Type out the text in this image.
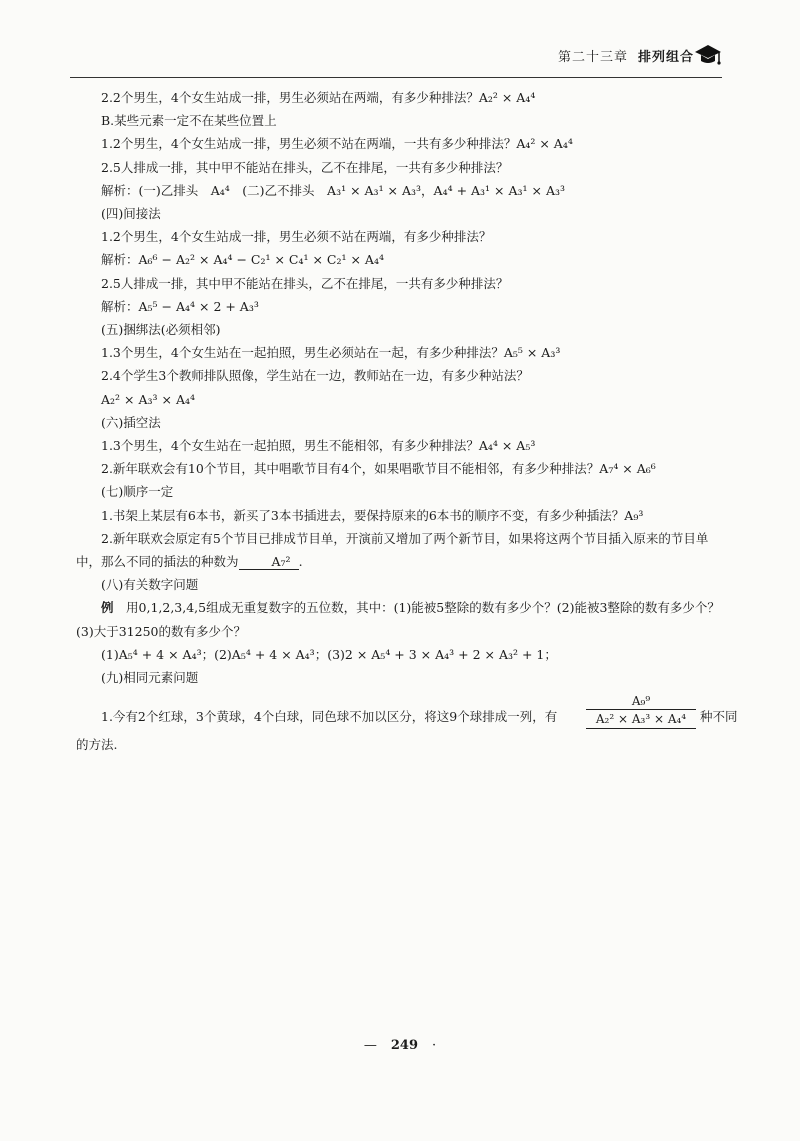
第二十三章 排列组合
2.2个男生，4个女生站成一排，男生必须站在两端，有多少种排法？A₂² × A₄⁴
B.某些元素一定不在某些位置上
1.2个男生，4个女生站成一排，男生必须不站在两端，一共有多少种排法？A₄² × A₄⁴
2.5人排成一排，其中甲不能站在排头，乙不在排尾，一共有多少种排法？
解析：(一)乙排头　A₄⁴　(二)乙不排头　A₃¹ × A₃¹ × A₃³，A₄⁴ + A₃¹ × A₃¹ × A₃³
(四)间接法
1.2个男生，4个女生站成一排，男生必须不站在两端，有多少种排法？
解析：A₆⁶ − A₂² × A₄⁴ − C₂¹ × C₄¹ × C₂¹ × A₄⁴
2.5人排成一排，其中甲不能站在排头，乙不在排尾，一共有多少种排法？
解析：A₅⁵ − A₄⁴ × 2 + A₃³
(五)捆绑法(必须相邻)
1.3个男生，4个女生站在一起拍照，男生必须站在一起，有多少种排法？A₅⁵ × A₃³
2.4个学生3个教师排队照像，学生站在一边，教师站在一边，有多少种站法？
A₂² × A₃³ × A₄⁴
(六)插空法
1.3个男生，4个女生站在一起拍照，男生不能相邻，有多少种排法？A₄⁴ × A₅³
2.新年联欢会有10个节目，其中唱歌节目有4个，如果唱歌节目不能相邻，有多少种排法？A₇⁴ × A₆⁶
(七)顺序一定
1.书架上某层有6本书，新买了3本书插进去，要保持原来的6本书的顺序不变，有多少种插法？A₉³
2.新年联欢会原定有5个节目已排成节目单，开演前又增加了两个新节目，如果将这两个节目插入原来的节目单中，那么不同的插法的种数为	A₇² .
(八)有关数字问题
例　用0,1,2,3,4,5组成无重复数字的五位数，其中：(1)能被5整除的数有多少个？(2)能被3整除的数有多少个？(3)大于31250的数有多少个？
(1)A₅⁴ + 4 × A₄³；(2)A₅⁴ + 4 × A₄³；(3)2 × A₅⁴ + 3 × A₄³ + 2 × A₃² + 1；
(九)相同元素问题
1.今有2个红球，3个黄球，4个白球，同色球不加以区分，将这9个球排成一列，有 $\frac{\text{A₉⁹}}{\text{A₂² × A₃³ × A₄⁴}}$ 种不同
的方法.
— 249 ·
